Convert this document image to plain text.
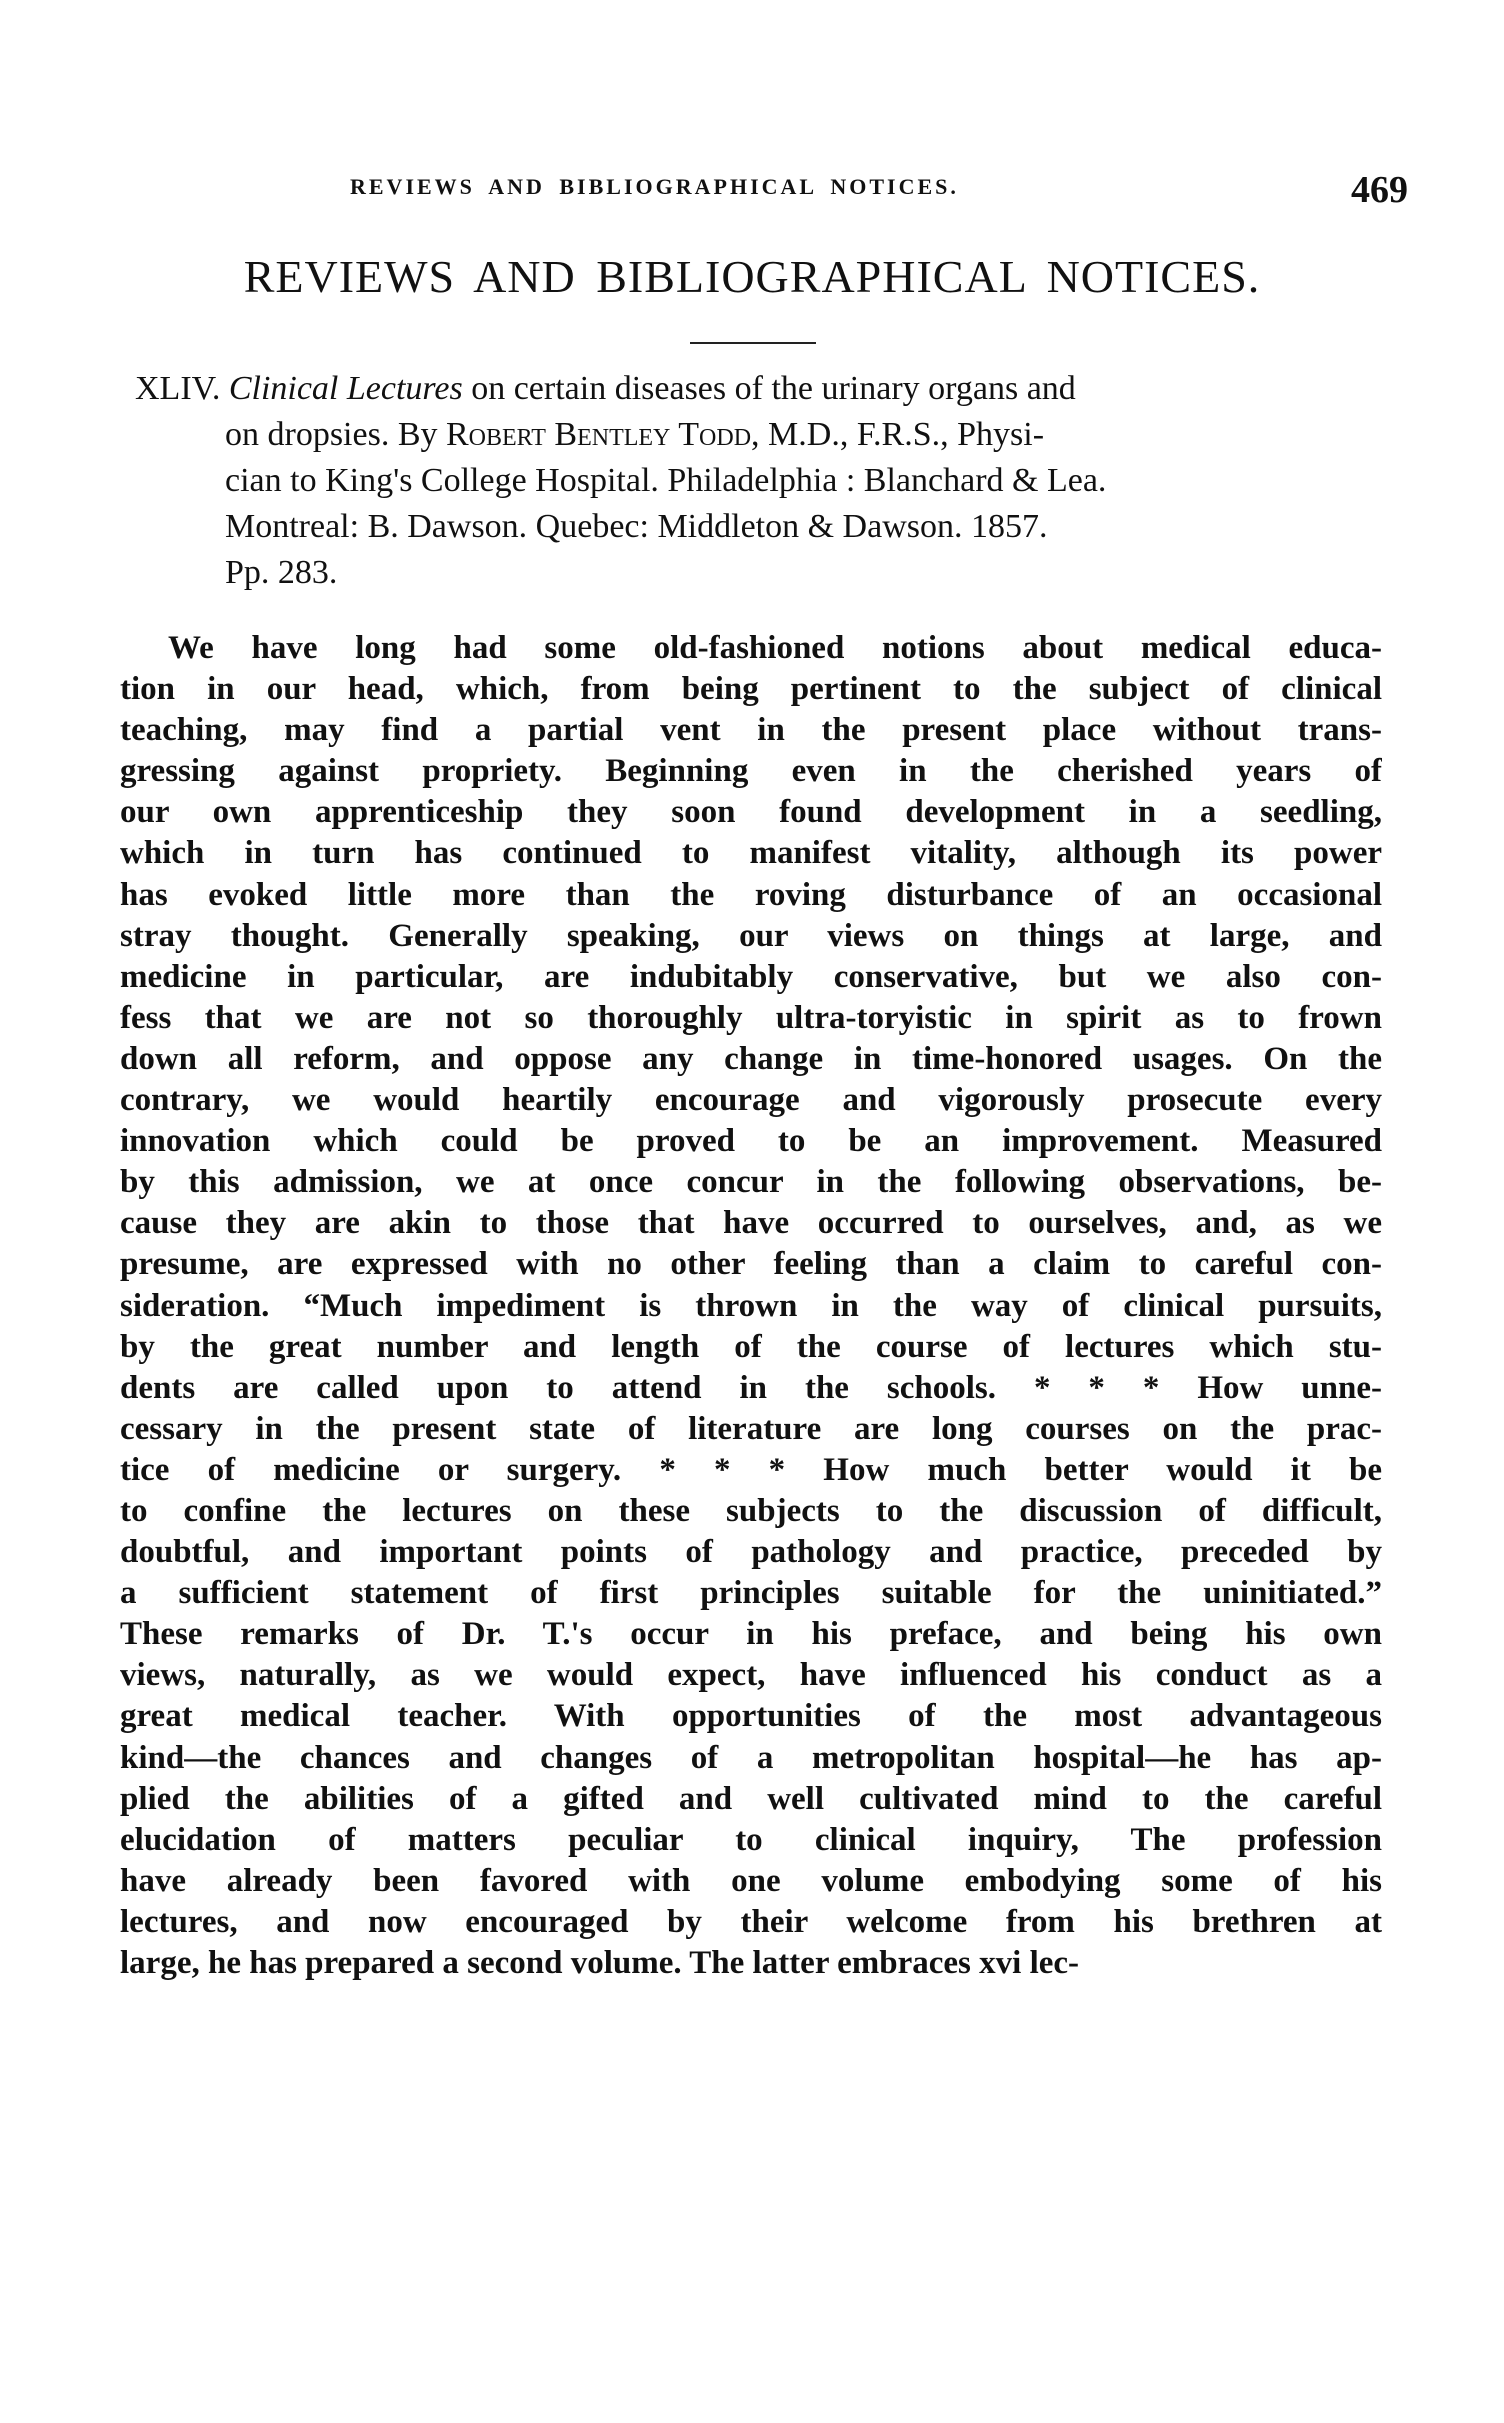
REVIEWS AND BIBLIOGRAPHICAL NOTICES.	469
REVIEWS AND BIBLIOGRAPHICAL NOTICES.
XLIV. Clinical Lectures on certain diseases of the urinary organs and
on dropsies. By Robert Bentley Todd, M.D., F.R.S., Physi-
cian to King's College Hospital. Philadelphia : Blanchard & Lea.
Montreal: B. Dawson. Quebec: Middleton & Dawson. 1857.
Pp. 283.
We have long had some old-fashioned notions about medical educa-
tion in our head, which, from being pertinent to the subject of clinical
teaching, may find a partial vent in the present place without trans-
gressing against propriety. Beginning even in the cherished years of
our own apprenticeship they soon found development in a seedling,
which in turn has continued to manifest vitality, although its power
has evoked little more than the roving disturbance of an occasional
stray thought. Generally speaking, our views on things at large, and
medicine in particular, are indubitably conservative, but we also con-
fess that we are not so thoroughly ultra-toryistic in spirit as to frown
down all reform, and oppose any change in time-honored usages. On the
contrary, we would heartily encourage and vigorously prosecute every
innovation which could be proved to be an improvement. Measured
by this admission, we at once concur in the following observations, be-
cause they are akin to those that have occurred to ourselves, and, as we
presume, are expressed with no other feeling than a claim to careful con-
sideration. “Much impediment is thrown in the way of clinical pursuits,
by the great number and length of the course of lectures which stu-
dents are called upon to attend in the schools. * * * How unne-
cessary in the present state of literature are long courses on the prac-
tice of medicine or surgery. * * * How much better would it be
to confine the lectures on these subjects to the discussion of difficult,
doubtful, and important points of pathology and practice, preceded by
a sufficient statement of first principles suitable for the uninitiated.”
These remarks of Dr. T.'s occur in his preface, and being his own
views, naturally, as we would expect, have influenced his conduct as a
great medical teacher. With opportunities of the most advantageous
kind—the chances and changes of a metropolitan hospital—he has ap-
plied the abilities of a gifted and well cultivated mind to the careful
elucidation of matters peculiar to clinical inquiry, The profession
have already been favored with one volume embodying some of his
lectures, and now encouraged by their welcome from his brethren at
large, he has prepared a second volume. The latter embraces xvi lec-
